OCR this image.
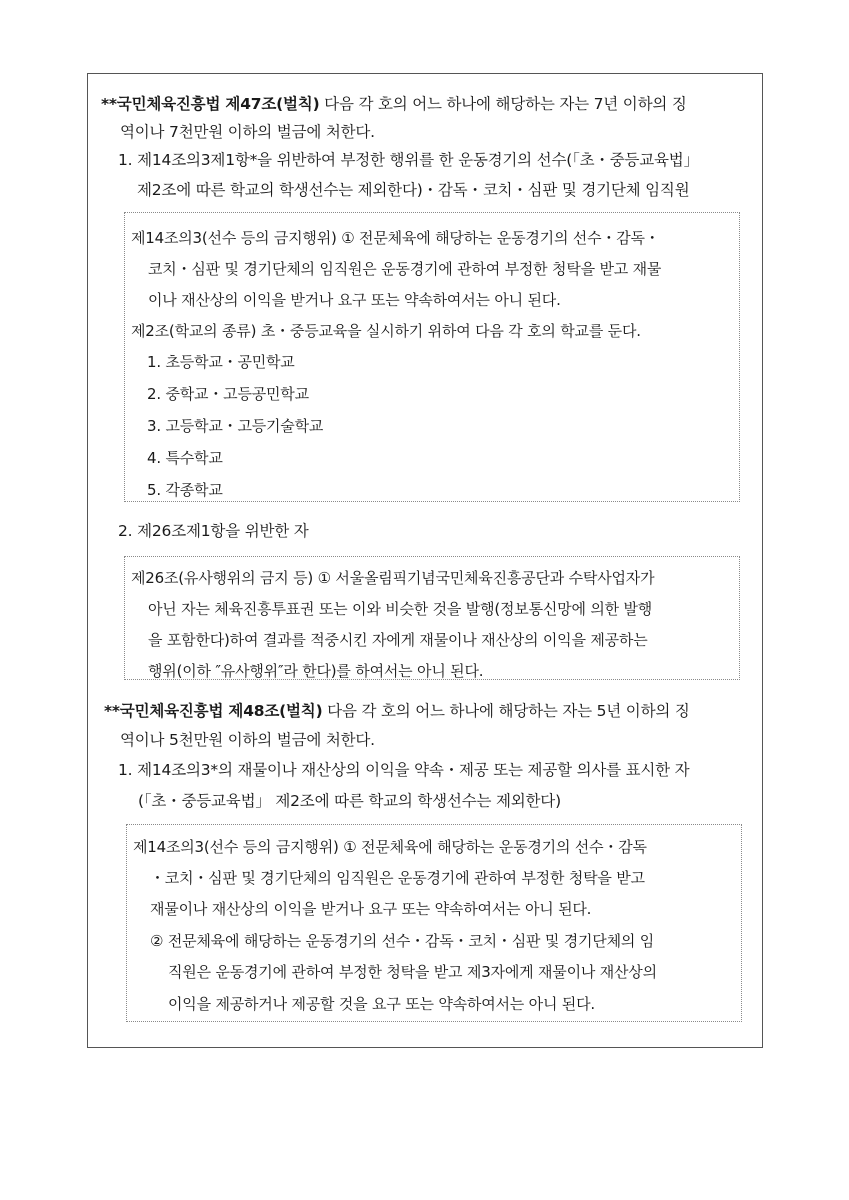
**국민체육진흥법 제47조(벌칙) 다음 각 호의 어느 하나에 해당하는 자는 7년 이하의 징
역이나 7천만원 이하의 벌금에 처한다.
1. 제14조의3제1항*을 위반하여 부정한 행위를 한 운동경기의 선수(「초・중등교육법」
제2조에 따른 학교의 학생선수는 제외한다)・감독・코치・심판 및 경기단체 임직원
제14조의3(선수 등의 금지행위) ① 전문체육에 해당하는 운동경기의 선수・감독・
코치・심판 및 경기단체의 임직원은 운동경기에 관하여 부정한 청탁을 받고 재물
이나 재산상의 이익을 받거나 요구 또는 약속하여서는 아니 된다.
제2조(학교의 종류) 초・중등교육을 실시하기 위하여 다음 각 호의 학교를 둔다.
1. 초등학교・공민학교
2. 중학교・고등공민학교
3. 고등학교・고등기술학교
4. 특수학교
5. 각종학교
2. 제26조제1항을 위반한 자
제26조(유사행위의 금지 등) ① 서울올림픽기념국민체육진흥공단과 수탁사업자가
아닌 자는 체육진흥투표권 또는 이와 비슷한 것을 발행(정보통신망에 의한 발행
을 포함한다)하여 결과를 적중시킨 자에게 재물이나 재산상의 이익을 제공하는
행위(이하 ″유사행위″라 한다)를 하여서는 아니 된다.
**국민체육진흥법 제48조(벌칙) 다음 각 호의 어느 하나에 해당하는 자는 5년 이하의 징
역이나 5천만원 이하의 벌금에 처한다.
1. 제14조의3*의 재물이나 재산상의 이익을 약속・제공 또는 제공할 의사를 표시한 자
(「초・중등교육법」 제2조에 따른 학교의 학생선수는 제외한다)
제14조의3(선수 등의 금지행위) ① 전문체육에 해당하는 운동경기의 선수・감독
・코치・심판 및 경기단체의 임직원은 운동경기에 관하여 부정한 청탁을 받고
재물이나 재산상의 이익을 받거나 요구 또는 약속하여서는 아니 된다.
② 전문체육에 해당하는 운동경기의 선수・감독・코치・심판 및 경기단체의 임
직원은 운동경기에 관하여 부정한 청탁을 받고 제3자에게 재물이나 재산상의
이익을 제공하거나 제공할 것을 요구 또는 약속하여서는 아니 된다.
